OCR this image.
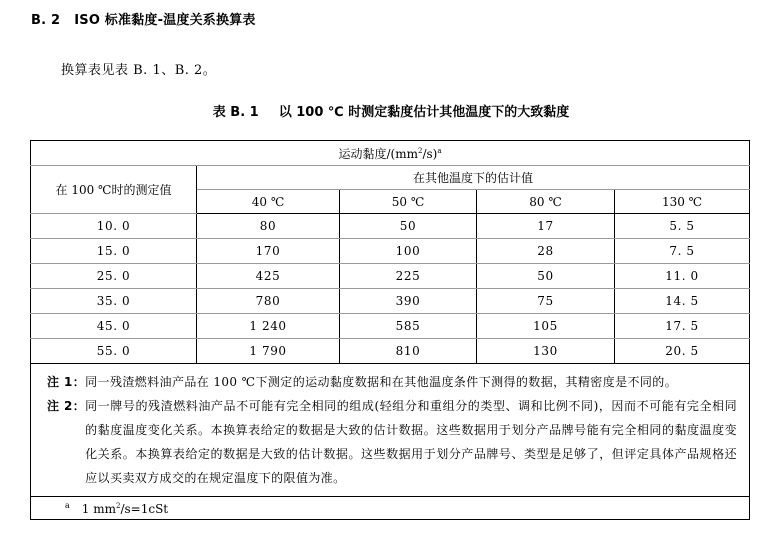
B. 2 ISO 标准黏度-温度关系换算表
换算表见表 B. 1、B. 2。
表 B. 1 以 100 ℃ 时测定黏度估计其他温度下的大致黏度
运动黏度$/(mm^2/s)^a$
在 100 ℃时的测定值	在其他温度下的估计值			
	40 ℃	50 ℃	80 ℃	130 ℃
10. 0	80	50	17	5. 5
15. 0	170	100	28	7. 5
25. 0	425	225	50	11. 0
35. 0	780	390	75	14. 5
45. 0	1 240	585	105	17. 5
55. 0	1 790	810	130	20. 5

注 1： 同一残渣燃料油产品在 100 ℃下测定的运动黏度数据和在其他温度条件下测得的数据，其精密度是不同的。
注 2： 同一牌号的残渣燃料油产品不可能有完全相同的组成(轻组分和重组分的类型、调和比例不同)，因而不可能有完全相同的黏度温度变化关系。本换算表给定的数据是大致的估计数据。这些数据用于划分产品牌号能有完全相同的黏度温度变化关系。本换算表给定的数据是大致的估计数据。这些数据用于划分产品牌号、类型是足够了，但评定具体产品规格还应以买卖双方成交的在规定温度下的限值为准。				

$^a$ 1 $mm^2/s=1cSt$				
